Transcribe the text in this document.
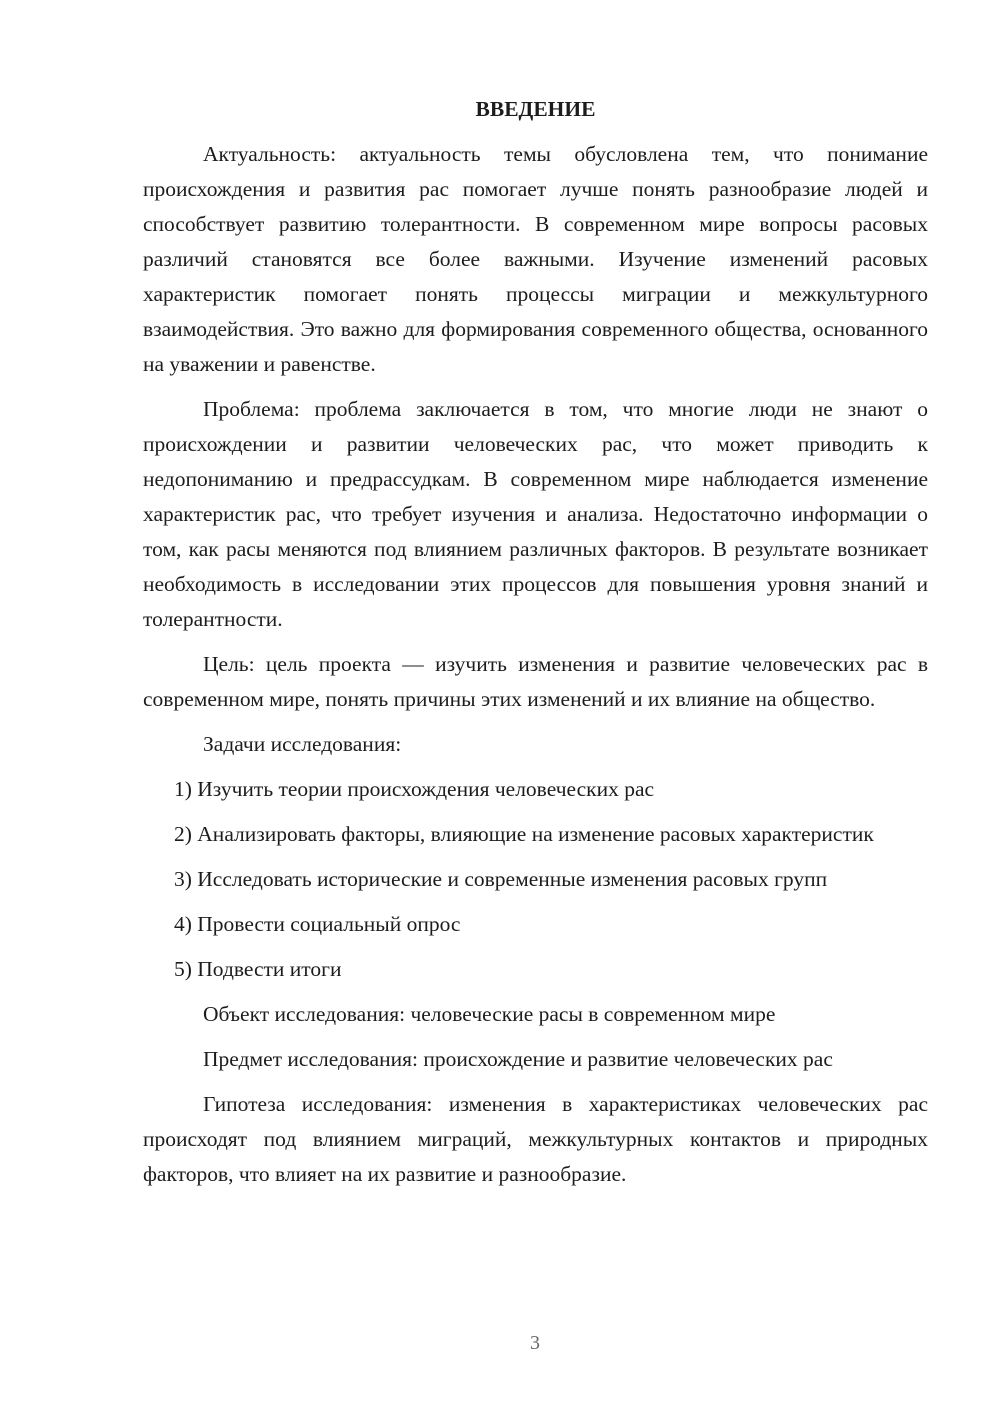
ВВЕДЕНИЕ

Актуальность: актуальность темы обусловлена тем, что понимание происхождения и развития рас помогает лучше понять разнообразие людей и способствует развитию толерантности. В современном мире вопросы расовых различий становятся все более важными. Изучение изменений расовых характеристик помогает понять процессы миграции и межкультурного взаимодействия. Это важно для формирования современного общества, основанного на уважении и равенстве.

Проблема: проблема заключается в том, что многие люди не знают о происхождении и развитии человеческих рас, что может приводить к недопониманию и предрассудкам. В современном мире наблюдается изменение характеристик рас, что требует изучения и анализа. Недостаточно информации о том, как расы меняются под влиянием различных факторов. В результате возникает необходимость в исследовании этих процессов для повышения уровня знаний и толерантности.

Цель: цель проекта — изучить изменения и развитие человеческих рас в современном мире, понять причины этих изменений и их влияние на общество.

Задачи исследования:

1) Изучить теории происхождения человеческих рас

2) Анализировать факторы, влияющие на изменение расовых характеристик

3) Исследовать исторические и современные изменения расовых групп

4) Провести социальный опрос

5) Подвести итоги

Объект исследования: человеческие расы в современном мире

Предмет исследования: происхождение и развитие человеческих рас

Гипотеза исследования: изменения в характеристиках человеческих рас происходят под влиянием миграций, межкультурных контактов и природных факторов, что влияет на их развитие и разнообразие.

3
